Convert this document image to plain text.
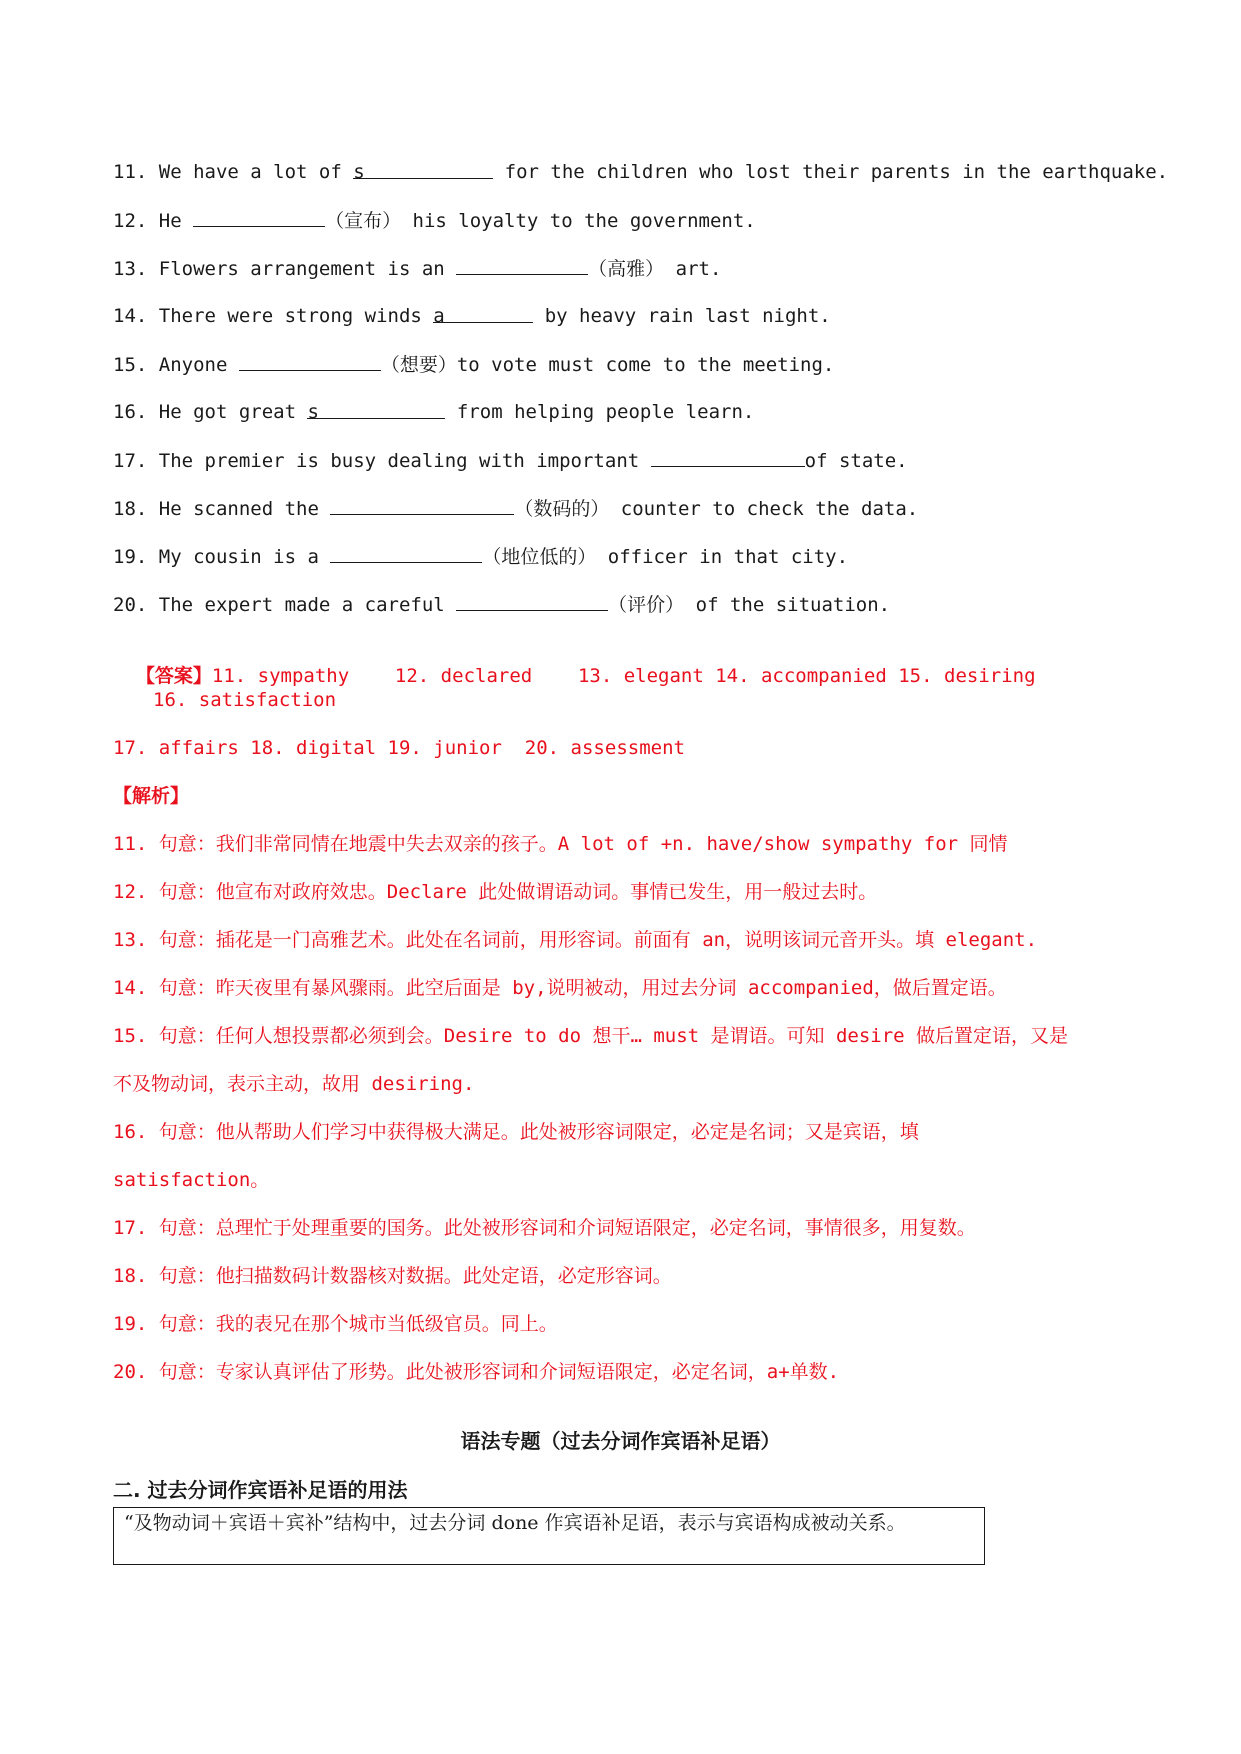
11. We have a lot of s	for the children who lost their parents in the earthquake.
12. He	（宣布） his loyalty to the government.
13. Flowers arrangement is an	（高雅） art.
14. There were strong winds a	by heavy rain last night.
15. Anyone	（想要）to vote must come to the meeting.
16. He got great s	from helping people learn.
17. The premier is busy dealing with important	of state.
18. He scanned the	（数码的） counter to check the data.
19. My cousin is a	（地位低的） officer in that city.
20. The expert made a careful	（评价） of the situation.

【答案】11. sympathy    12. declared    13. elegant 14. accompanied 15. desiring

16. satisfaction
17. affairs 18. digital 19. junior  20. assessment
【解析】
11. 句意：我们非常同情在地震中失去双亲的孩子。A lot of +n. have/show sympathy for 同情
12. 句意：他宣布对政府效忠。Declare 此处做谓语动词。事情已发生，用一般过去时。
13. 句意：插花是一门高雅艺术。此处在名词前，用形容词。前面有 an，说明该词元音开头。填 elegant.
14. 句意：昨天夜里有暴风骤雨。此空后面是 by,说明被动，用过去分词 accompanied，做后置定语。
15. 句意：任何人想投票都必须到会。Desire to do 想干… must 是谓语。可知 desire 做后置定语，又是
不及物动词，表示主动，故用 desiring.
16. 句意：他从帮助人们学习中获得极大满足。此处被形容词限定，必定是名词；又是宾语，填
satisfaction。
17. 句意：总理忙于处理重要的国务。此处被形容词和介词短语限定，必定名词，事情很多，用复数。
18. 句意：他扫描数码计数器核对数据。此处定语，必定形容词。
19. 句意：我的表兄在那个城市当低级官员。同上。
20. 句意：专家认真评估了形势。此处被形容词和介词短语限定，必定名词，a+单数.
语法专题（过去分词作宾语补足语）
二. 过去分词作宾语补足语的用法
“及物动词＋宾语＋宾补”结构中，过去分词 done 作宾语补足语，表示与宾语构成被动关系。
